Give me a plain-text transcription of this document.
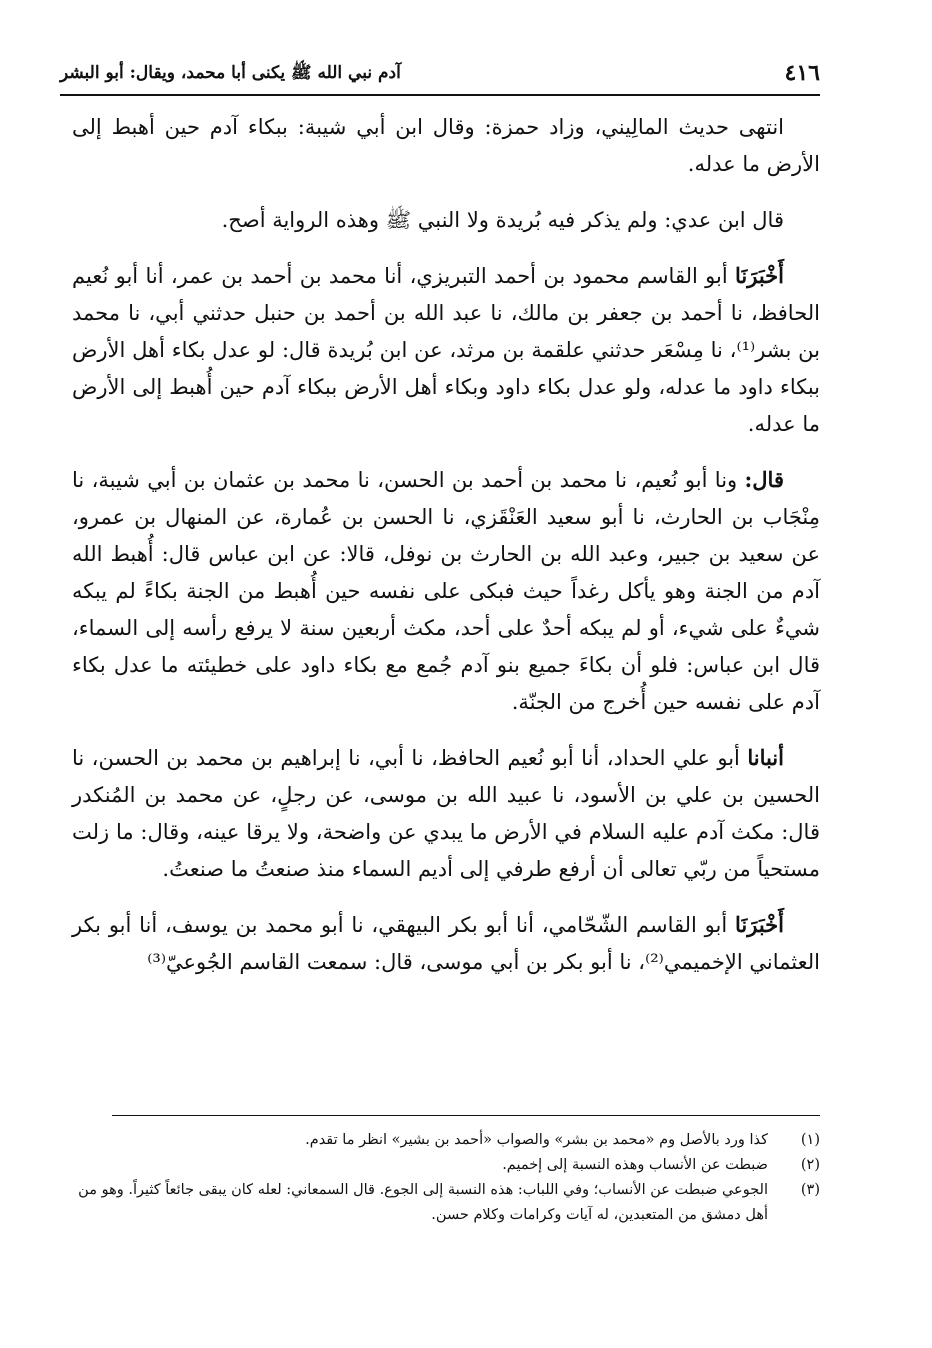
٤١٦
آدم نبي الله ﷺ يكنى أبا محمد، ويقال: أبو البشر

انتهى حديث المالِيني، وزاد حمزة: وقال ابن أبي شيبة: ببكاء آدم حين أهبط إلى الأرض ما عدله.

قال ابن عدي: ولم يذكر فيه بُريدة ولا النبي ﷺ وهذه الرواية أصح.

أَخْبَرَنَا أبو القاسم محمود بن أحمد التبريزي، أنا محمد بن أحمد بن عمر، أنا أبو نُعيم الحافظ، نا أحمد بن جعفر بن مالك، نا عبد الله بن أحمد بن حنبل حدثني أبي، نا محمد بن بشر⁽¹⁾، نا مِسْعَر حدثني علقمة بن مرثد، عن ابن بُريدة قال: لو عدل بكاء أهل الأرض ببكاء داود ما عدله، ولو عدل بكاء داود وبكاء أهل الأرض ببكاء آدم حين أُهبط إلى الأرض ما عدله.

قال: ونا أبو نُعيم، نا محمد بن أحمد بن الحسن، نا محمد بن عثمان بن أبي شيبة، نا مِنْجَاب بن الحارث، نا أبو سعيد العَنْقَزي، نا الحسن بن عُمارة، عن المنهال بن عمرو، عن سعيد بن جبير، وعبد الله بن الحارث بن نوفل، قالا: عن ابن عباس قال: أُهبط الله آدم من الجنة وهو يأكل رغداً حيث فبكى على نفسه حين أُهبط من الجنة بكاءً لم يبكه شيءٌ على شيء، أو لم يبكه أحدٌ على أحد، مكث أربعين سنة لا يرفع رأسه إلى السماء، قال ابن عباس: فلو أن بكاءَ جميع بنو آدم جُمع مع بكاء داود على خطيئته ما عدل بكاء آدم على نفسه حين أُخرج من الجنّة.

أنبانا أبو علي الحداد، أنا أبو نُعيم الحافظ، نا أبي، نا إبراهيم بن محمد بن الحسن، نا الحسين بن علي بن الأسود، نا عبيد الله بن موسى، عن رجلٍ، عن محمد بن المُنكدر قال: مكث آدم عليه السلام في الأرض ما يبدي عن واضحة، ولا يرقا عينه، وقال: ما زلت مستحياً من ربّي تعالى أن أرفع طرفي إلى أديم السماء منذ صنعتُ ما صنعتُ.

أَخْبَرَنَا أبو القاسم الشّحّامي، أنا أبو بكر البيهقي، نا أبو محمد بن يوسف، أنا أبو بكر العثماني الإخميمي⁽²⁾، نا أبو بكر بن أبي موسى، قال: سمعت القاسم الجُوعيّ⁽³⁾

(١)
كذا ورد بالأصل وم «محمد بن بشر» والصواب «أحمد بن بشير» انظر ما تقدم.
(٢)
ضبطت عن الأنساب وهذه النسبة إلى إخميم.
(٣)
الجوعي ضبطت عن الأنساب؛ وفي اللباب: هذه النسبة إلى الجوع. قال السمعاني: لعله كان يبقى جائعاً كثيراً. وهو من أهل دمشق من المتعبدين، له آيات وكرامات وكلام حسن.
